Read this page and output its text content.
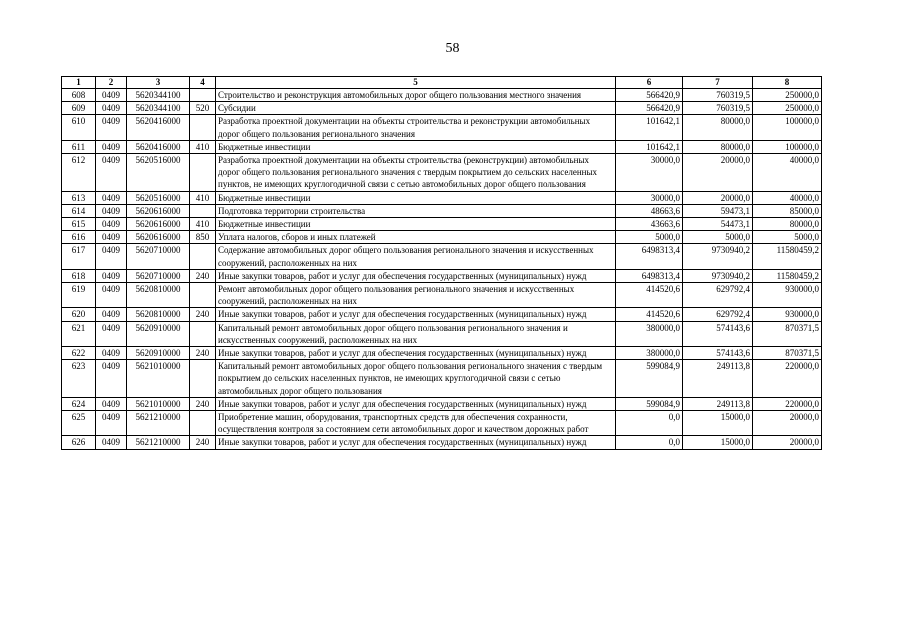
58
1	2	3	4	5	6	7	8
608	0409	5620344100		Строительство и реконструкция автомобильных дорог общего пользования местного значения	566420,9	760319,5	250000,0
609	0409	5620344100	520	Субсидии	566420,9	760319,5	250000,0
610	0409	5620416000		Разработка проектной документации на объекты строительства и реконструкции автомобильных дорог общего пользования регионального значения	101642,1	80000,0	100000,0
611	0409	5620416000	410	Бюджетные инвестиции	101642,1	80000,0	100000,0
612	0409	5620516000		Разработка проектной документации на объекты строительства (реконструкции) автомобильных дорог общего пользования регионального значения с твердым покрытием до сельских населенных пунктов, не имеющих круглогодичной связи с сетью автомобильных дорог общего пользования	30000,0	20000,0	40000,0
613	0409	5620516000	410	Бюджетные инвестиции	30000,0	20000,0	40000,0
614	0409	5620616000		Подготовка территории строительства	48663,6	59473,1	85000,0
615	0409	5620616000	410	Бюджетные инвестиции	43663,6	54473,1	80000,0
616	0409	5620616000	850	Уплата налогов, сборов и иных платежей	5000,0	5000,0	5000,0
617	0409	5620710000		Содержание автомобильных дорог общего пользования регионального значения и искусственных сооружений, расположенных на них	6498313,4	9730940,2	11580459,2
618	0409	5620710000	240	Иные закупки товаров, работ и услуг для обеспечения государственных (муниципальных) нужд	6498313,4	9730940,2	11580459,2
619	0409	5620810000		Ремонт автомобильных дорог общего пользования регионального значения и искусственных сооружений, расположенных на них	414520,6	629792,4	930000,0
620	0409	5620810000	240	Иные закупки товаров, работ и услуг для обеспечения государственных (муниципальных) нужд	414520,6	629792,4	930000,0
621	0409	5620910000		Капитальный ремонт автомобильных дорог общего пользования регионального значения и искусственных сооружений, расположенных на них	380000,0	574143,6	870371,5
622	0409	5620910000	240	Иные закупки товаров, работ и услуг для обеспечения государственных (муниципальных) нужд	380000,0	574143,6	870371,5
623	0409	5621010000		Капитальный ремонт автомобильных дорог общего пользования регионального значения с твердым покрытием до сельских населенных пунктов, не имеющих круглогодичной связи с сетью автомобильных дорог общего пользования	599084,9	249113,8	220000,0
624	0409	5621010000	240	Иные закупки товаров, работ и услуг для обеспечения государственных (муниципальных) нужд	599084,9	249113,8	220000,0
625	0409	5621210000		Приобретение машин, оборудования, транспортных средств для обеспечения сохранности, осуществления контроля за состоянием сети автомобильных дорог и качеством дорожных работ	0,0	15000,0	20000,0
626	0409	5621210000	240	Иные закупки товаров, работ и услуг для обеспечения государственных (муниципальных) нужд	0,0	15000,0	20000,0
